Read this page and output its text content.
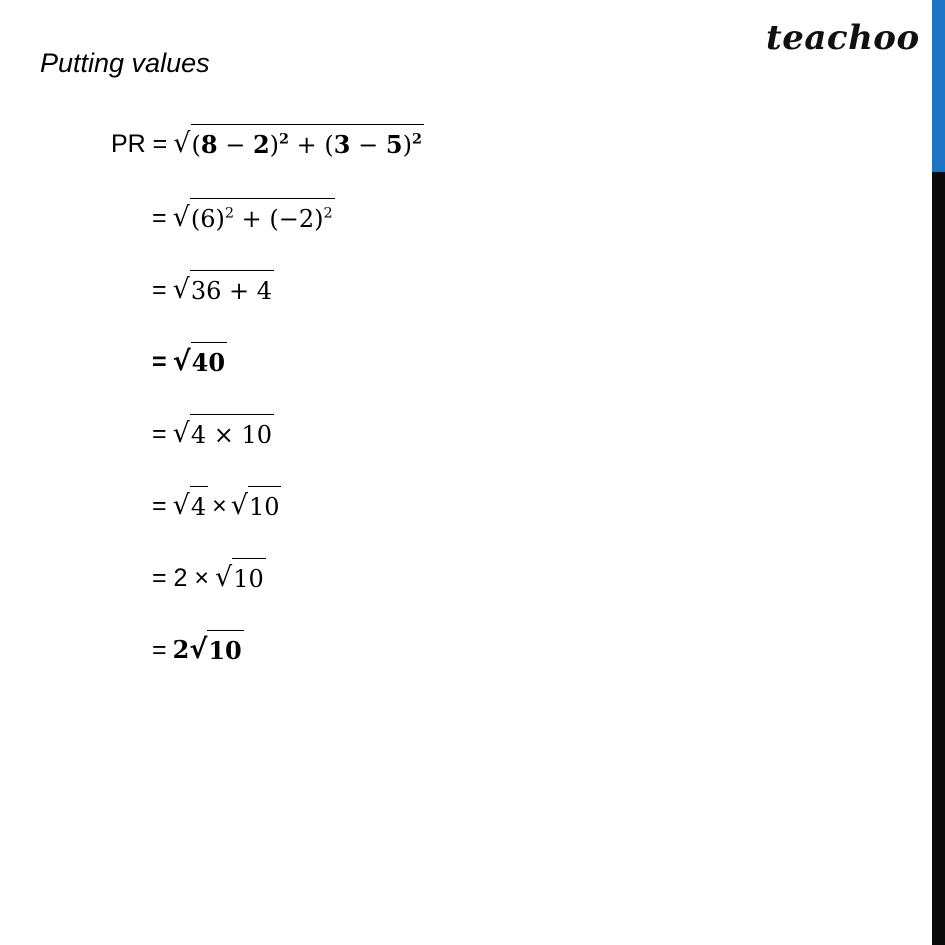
teachoo
Putting values
PR = √ $(8 - 2)^2 + (3 - 5)^2$
= √ $(6)^2 + (-2)^2$
= √ 36 + 4
= √ 40
= √ 4 × 10
= √ 4 × √ 10
= 2 × √ 10
= 2 √ 10
